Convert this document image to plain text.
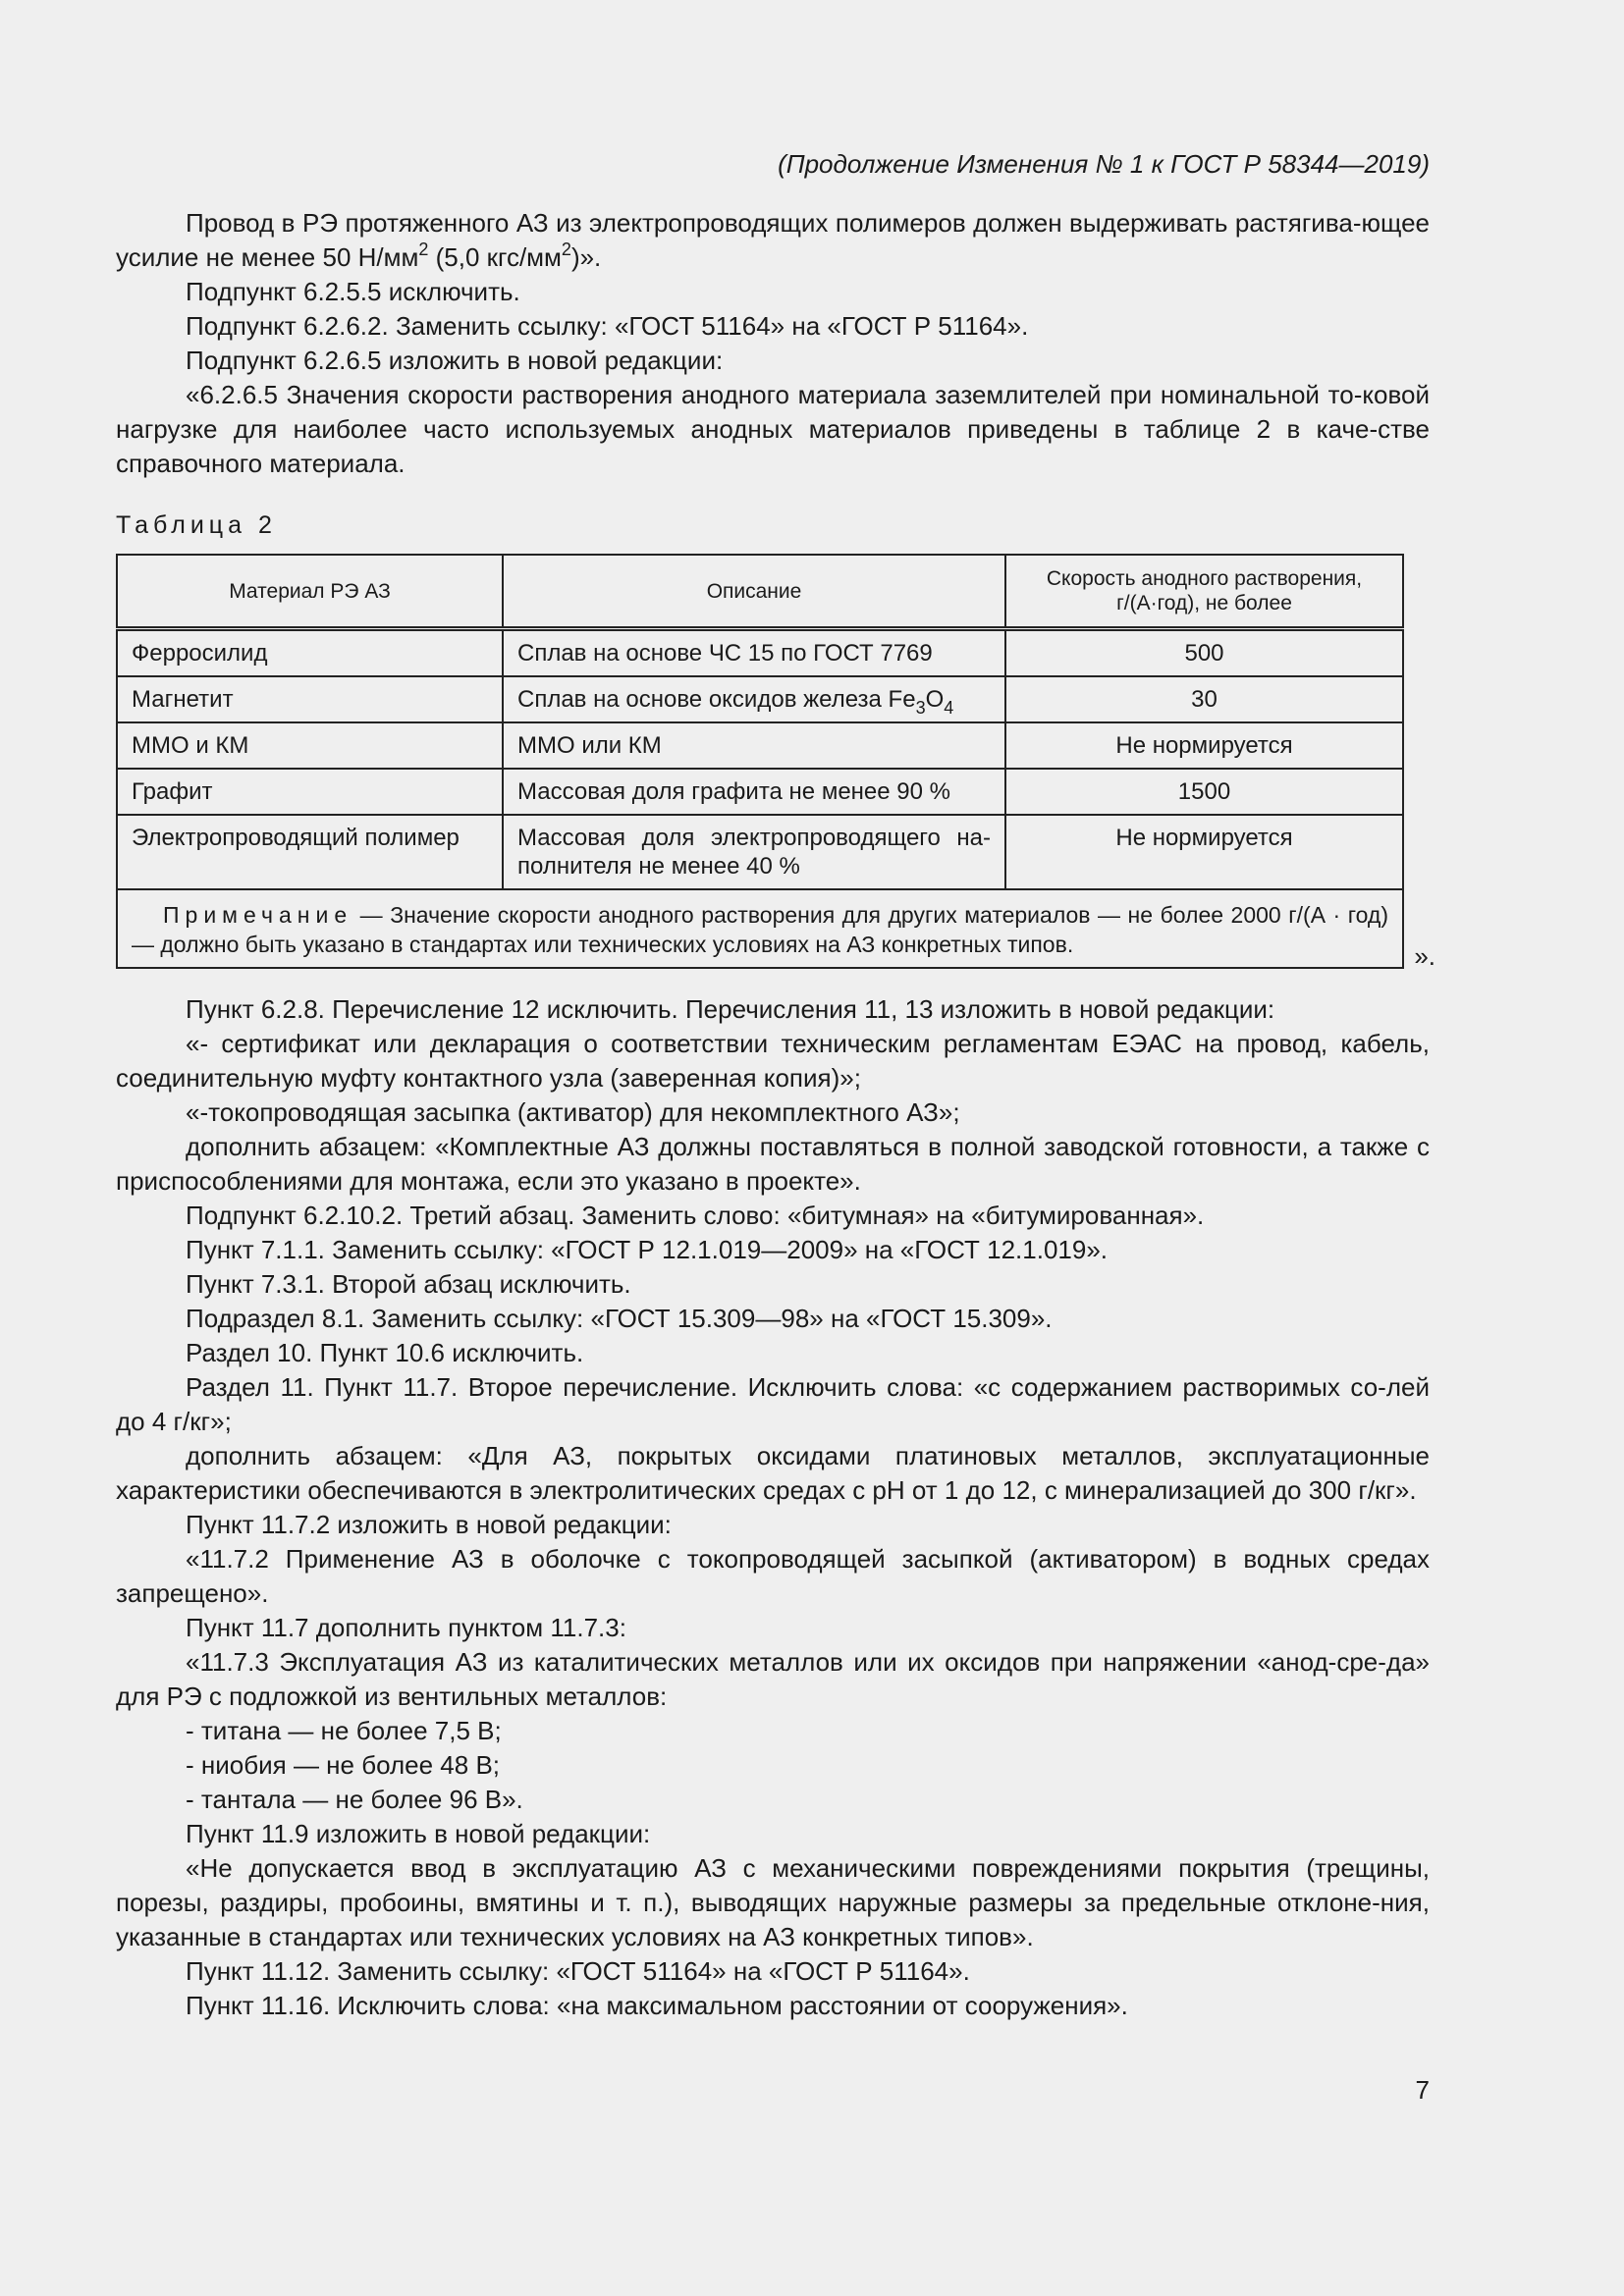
(Продолжение Изменения № 1 к ГОСТ Р 58344—2019)

Провод в РЭ протяженного АЗ из электропроводящих полимеров должен выдерживать растягива-ющее усилие не менее 50 $Н/мм^2$ (5,0 кгс/$мм^2$)».

Подпункт 6.2.5.5 исключить.

Подпункт 6.2.6.2. Заменить ссылку: «ГОСТ 51164» на «ГОСТ Р 51164».

Подпункт 6.2.6.5 изложить в новой редакции:

«6.2.6.5 Значения скорости растворения анодного материала заземлителей при номинальной то-ковой нагрузке для наиболее часто используемых анодных материалов приведены в таблице 2 в каче-стве справочного материала.

Таблица 2
Материал РЭ АЗ	Описание	Скорость анодного растворения, г/(А·год), не более
Ферросилид	Сплав на основе ЧС 15 по ГОСТ 7769	500
Магнетит	Сплав на основе оксидов железа $Fe_3O_4$	30
ММО и КМ	ММО или КМ	Не нормируется
Графит	Массовая доля графита не менее 90 %	1500
Электропроводящий полимер	Массовая доля электропроводящего на-полнителя не менее 40 %	Не нормируется
Примечание — Значение скорости анодного растворения для других материалов — не более 2000 г/(А · год) — должно быть указано в стандартах или технических условиях на АЗ конкретных типов.			».

Пункт 6.2.8. Перечисление 12 исключить. Перечисления 11, 13 изложить в новой редакции:

«- сертификат или декларация о соответствии техническим регламентам ЕЭАС на провод, кабель, соединительную муфту контактного узла (заверенная копия)»;

«-токопроводящая засыпка (активатор) для некомплектного АЗ»;

дополнить абзацем: «Комплектные АЗ должны поставляться в полной заводской готовности, а также с приспособлениями для монтажа, если это указано в проекте».

Подпункт 6.2.10.2. Третий абзац. Заменить слово: «битумная» на «битумированная».

Пункт 7.1.1. Заменить ссылку: «ГОСТ Р 12.1.019—2009» на «ГОСТ 12.1.019».

Пункт 7.3.1. Второй абзац исключить.

Подраздел 8.1. Заменить ссылку: «ГОСТ 15.309—98» на «ГОСТ 15.309».

Раздел 10. Пункт 10.6 исключить.

Раздел 11. Пункт 11.7. Второе перечисление. Исключить слова: «с содержанием растворимых со-лей до 4 г/кг»;

дополнить абзацем: «Для АЗ, покрытых оксидами платиновых металлов, эксплуатационные характеристики обеспечиваются в электролитических средах с pH от 1 до 12, с минерализацией до 300 г/кг».

Пункт 11.7.2 изложить в новой редакции:

«11.7.2 Применение АЗ в оболочке с токопроводящей засыпкой (активатором) в водных средах запрещено».

Пункт 11.7 дополнить пунктом 11.7.3:

«11.7.3 Эксплуатация АЗ из каталитических металлов или их оксидов при напряжении «анод-сре-да» для РЭ с подложкой из вентильных металлов:

- титана — не более 7,5 В;

- ниобия — не более 48 В;

- тантала — не более 96 В».

Пункт 11.9 изложить в новой редакции:

«Не допускается ввод в эксплуатацию АЗ с механическими повреждениями покрытия (трещины, порезы, раздиры, пробоины, вмятины и т. п.), выводящих наружные размеры за предельные отклоне-ния, указанные в стандартах или технических условиях на АЗ конкретных типов».

Пункт 11.12. Заменить ссылку: «ГОСТ 51164» на «ГОСТ Р 51164».

Пункт 11.16. Исключить слова: «на максимальном расстоянии от сооружения».

7
